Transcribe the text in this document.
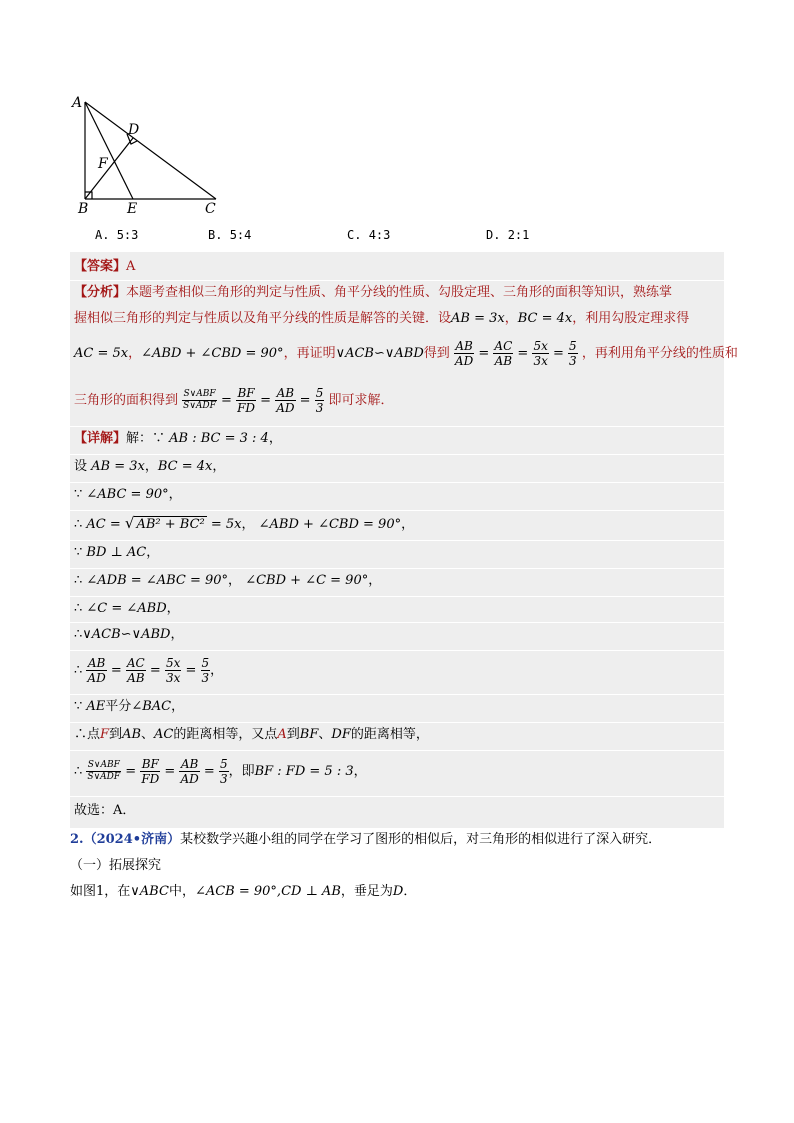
A
D
F
B	E	C
A. 5:3	B. 5:4	C. 4:3	D. 2:1
【答案】A
【分析】本题考查相似三角形的判定与性质、角平分线的性质、勾股定理、三角形的面积等知识，熟练掌
握相似三角形的判定与性质以及角平分线的性质是解答的关键．设AB = 3x，BC = 4x，利用勾股定理求得
AC = 5x，∠ABD + ∠CBD = 90°，再证明∨ACB∽∨ABD得到 $\frac{AB}{AD} = \frac{AC}{AB} = \frac{5x}{3x} = \frac{5}{3}$ ，再利用角平分线的性质和
三角形的面积得到 $\frac{\text{S∨ABF}}{\text{S∨ADF}} = \frac{BF}{FD} = \frac{AB}{AD} = \frac{5}{3}$ 即可求解．
【详解】解：∵ AB : BC = 3 : 4，
设 AB = 3x，BC = 4x，
∵ ∠ABC = 90°，
∴ AC = √ AB² + BC² = 5x， ∠ABD + ∠CBD = 90°，
∵ BD ⊥ AC，
∴ ∠ADB = ∠ABC = 90°， ∠CBD + ∠C = 90°，
∴ ∠C = ∠ABD，
∴∨ACB∽∨ABD，
∴ $\frac{AB}{AD} = \frac{AC}{AB} = \frac{5x}{3x} = \frac{5}{3}$ ，
∵ AE平分∠BAC，
∴点F到AB、AC的距离相等，又点A到BF、DF的距离相等，
∴ $\frac{\text{S∨ABF}}{\text{S∨ADF}} = \frac{BF}{FD} = \frac{AB}{AD} = \frac{5}{3}$ ，即BF : FD = 5 : 3，
故选：A．
2.（2024•济南）某校数学兴趣小组的同学在学习了图形的相似后，对三角形的相似进行了深入研究．
（一）拓展探究
如图1，在∨ABC中，∠ACB = 90°,CD ⊥ AB，垂足为D．
